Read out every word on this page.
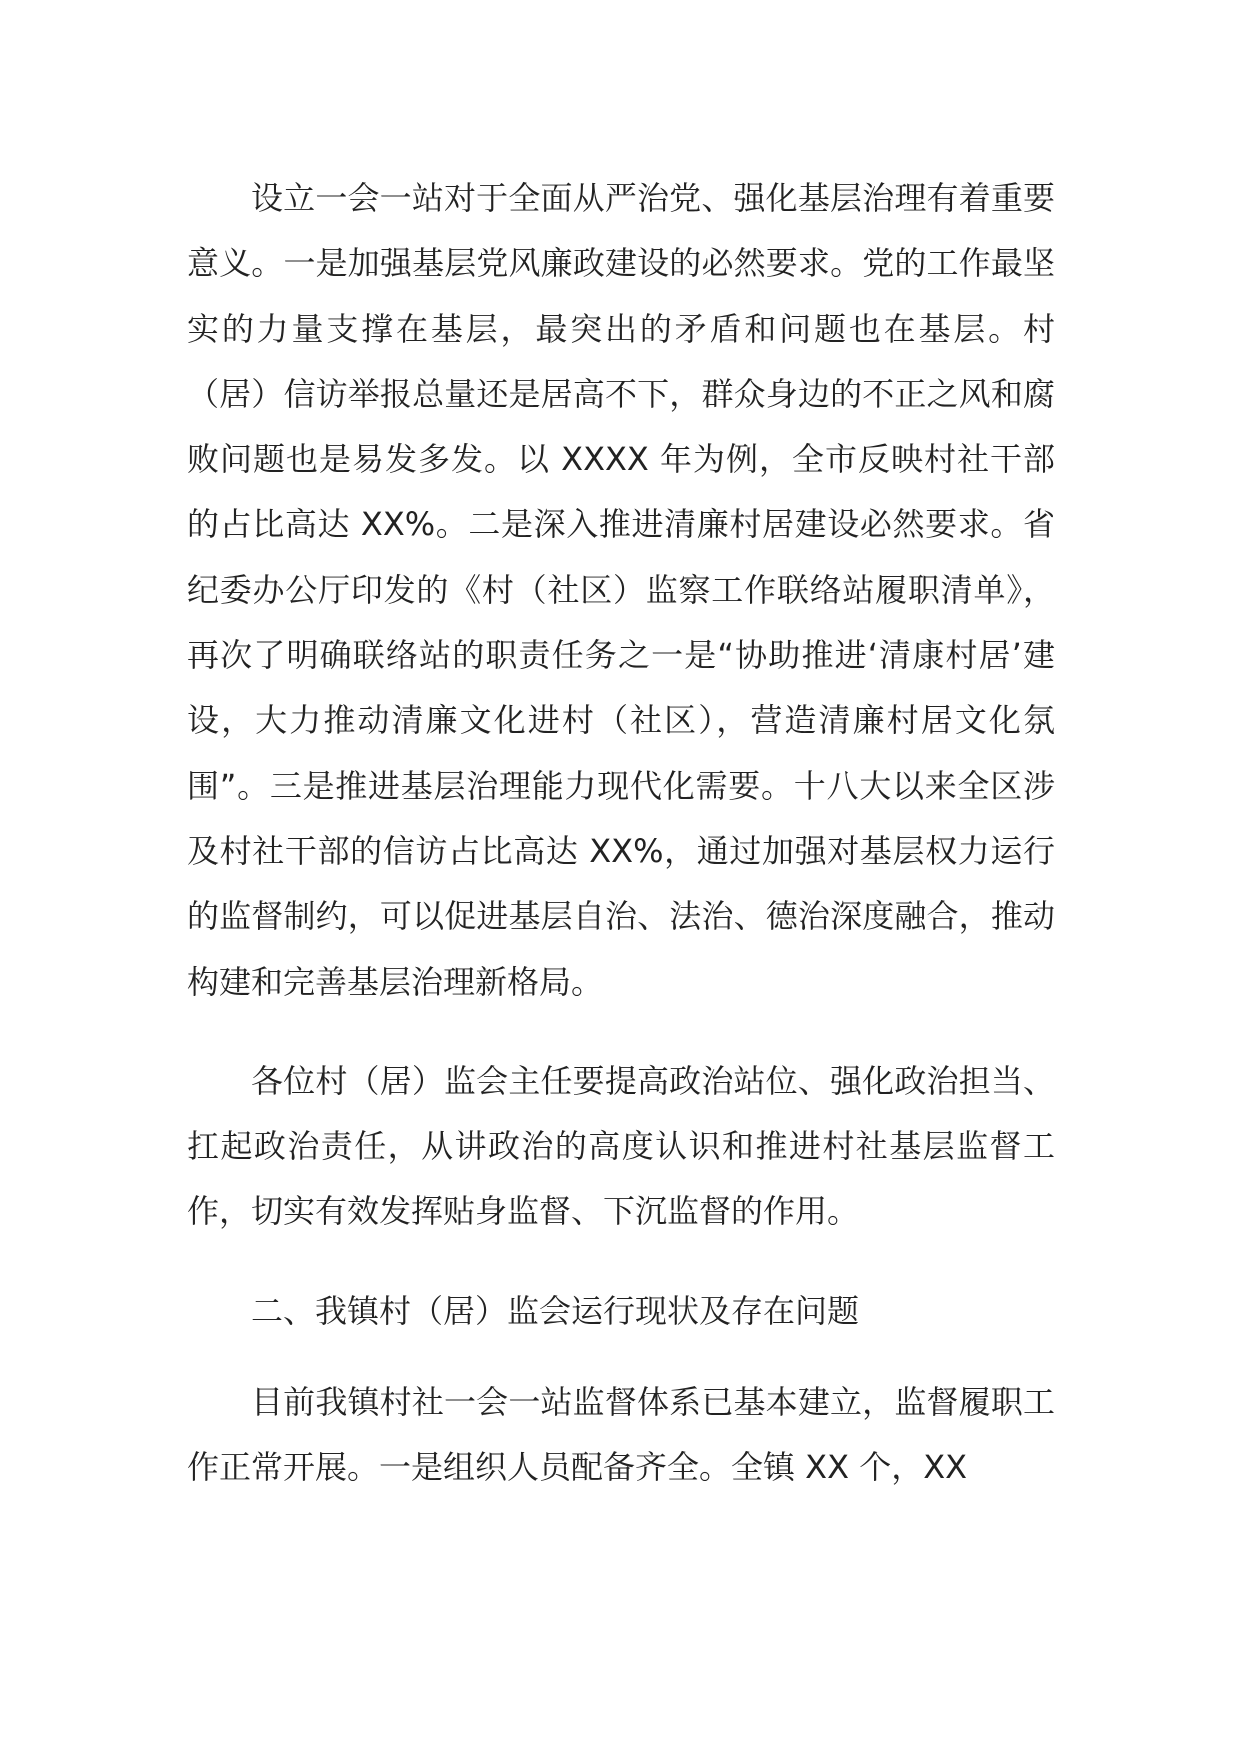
设立一会一站对于全面从严治党、强化基层治理有着重要意义。一是加强基层党风廉政建设的必然要求。党的工作最坚实的力量支撑在基层，最突出的矛盾和问题也在基层。村（居）信访举报总量还是居高不下，群众身边的不正之风和腐败问题也是易发多发。以 XXXX 年为例，全市反映村社干部的占比高达 XX%。二是深入推进清廉村居建设必然要求。省纪委办公厅印发的《村（社区）监察工作联络站履职清单》，再次了明确联络站的职责任务之一是“协助推进‘清康村居’建设，大力推动清廉文化进村（社区），营造清廉村居文化氛围”。三是推进基层治理能力现代化需要。十八大以来全区涉及村社干部的信访占比高达 XX%，通过加强对基层权力运行的监督制约，可以促进基层自治、法治、德治深度融合，推动构建和完善基层治理新格局。

各位村（居）监会主任要提高政治站位、强化政治担当、扛起政治责任，从讲政治的高度认识和推进村社基层监督工作，切实有效发挥贴身监督、下沉监督的作用。

二、我镇村（居）监会运行现状及存在问题

目前我镇村社一会一站监督体系已基本建立，监督履职工作正常开展。一是组织人员配备齐全。全镇 XX 个，XX
